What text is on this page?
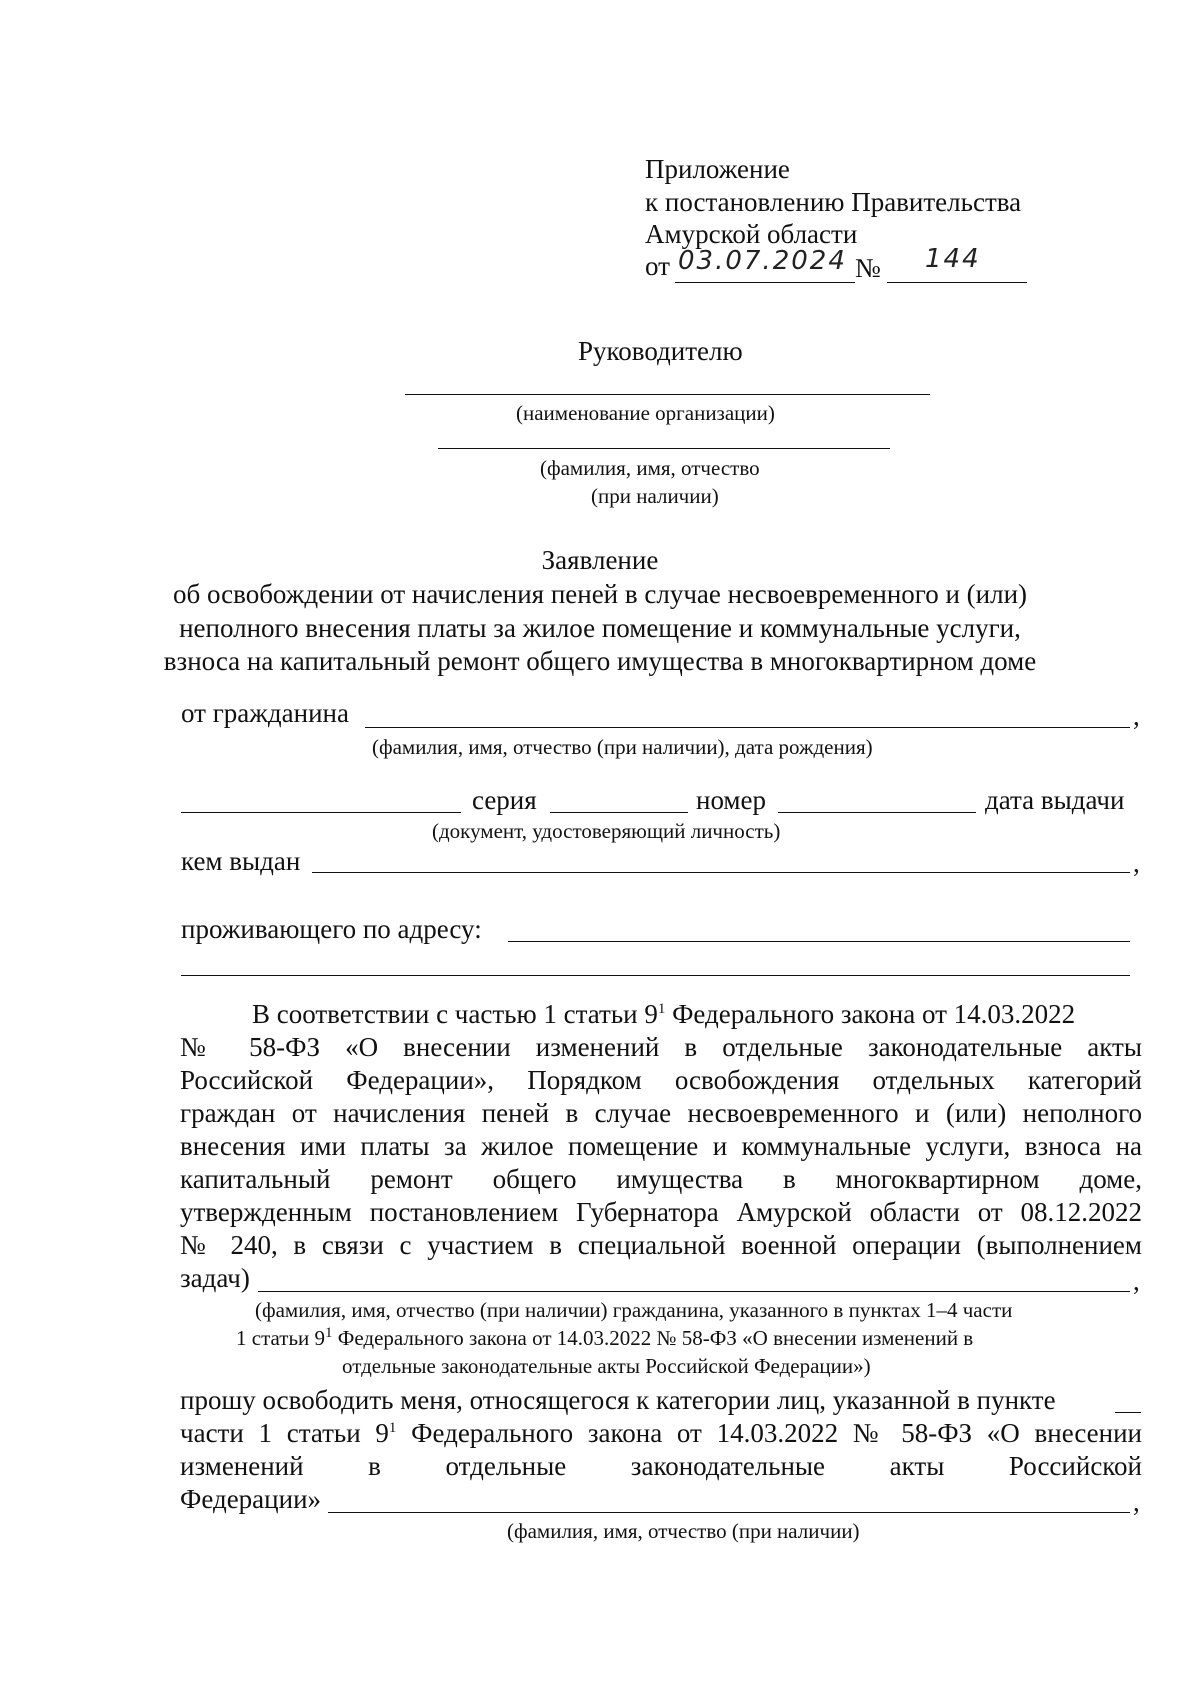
Приложение
к постановлению Правительства
Амурской области
от 03.07.2024 № 144
Руководителю
(наименование организации)
(фамилия, имя, отчество
(при наличии)
Заявление
об освобождении от начисления пеней в случае несвоевременного и (или)
неполного внесения платы за жилое помещение и коммунальные услуги,
взноса на капитальный ремонт общего имущества в многоквартирном доме
от гражданина	,
(фамилия, имя, отчество (при наличии), дата рождения)
серия	номер	дата выдачи
(документ, удостоверяющий личность)
кем выдан	,
проживающего по адресу:
В соответствии с частью 1 статьи $9^1$ Федерального закона от 14.03.2022
№ 58-ФЗ «О внесении изменений в отдельные законодательные акты
Российской Федерации», Порядком освобождения отдельных категорий
граждан от начисления пеней в случае несвоевременного и (или) неполного
внесения ими платы за жилое помещение и коммунальные услуги, взноса на
капитальный ремонт общего имущества в многоквартирном доме,
утвержденным постановлением Губернатора Амурской области от 08.12.2022
№ 240, в связи с участием в специальной военной операции (выполнением
задач)	,
(фамилия, имя, отчество (при наличии) гражданина, указанного в пунктах 1–4 части
1 статьи $9^1$ Федерального закона от 14.03.2022 № 58-ФЗ «О внесении изменений в
отдельные законодательные акты Российской Федерации»)
прошу освободить меня, относящегося к категории лиц, указанной в пункте
части 1 статьи $9^1$ Федерального закона от 14.03.2022 № 58-ФЗ «О внесении
изменений в отдельные законодательные акты Российской
Федерации»	,
(фамилия, имя, отчество (при наличии)
